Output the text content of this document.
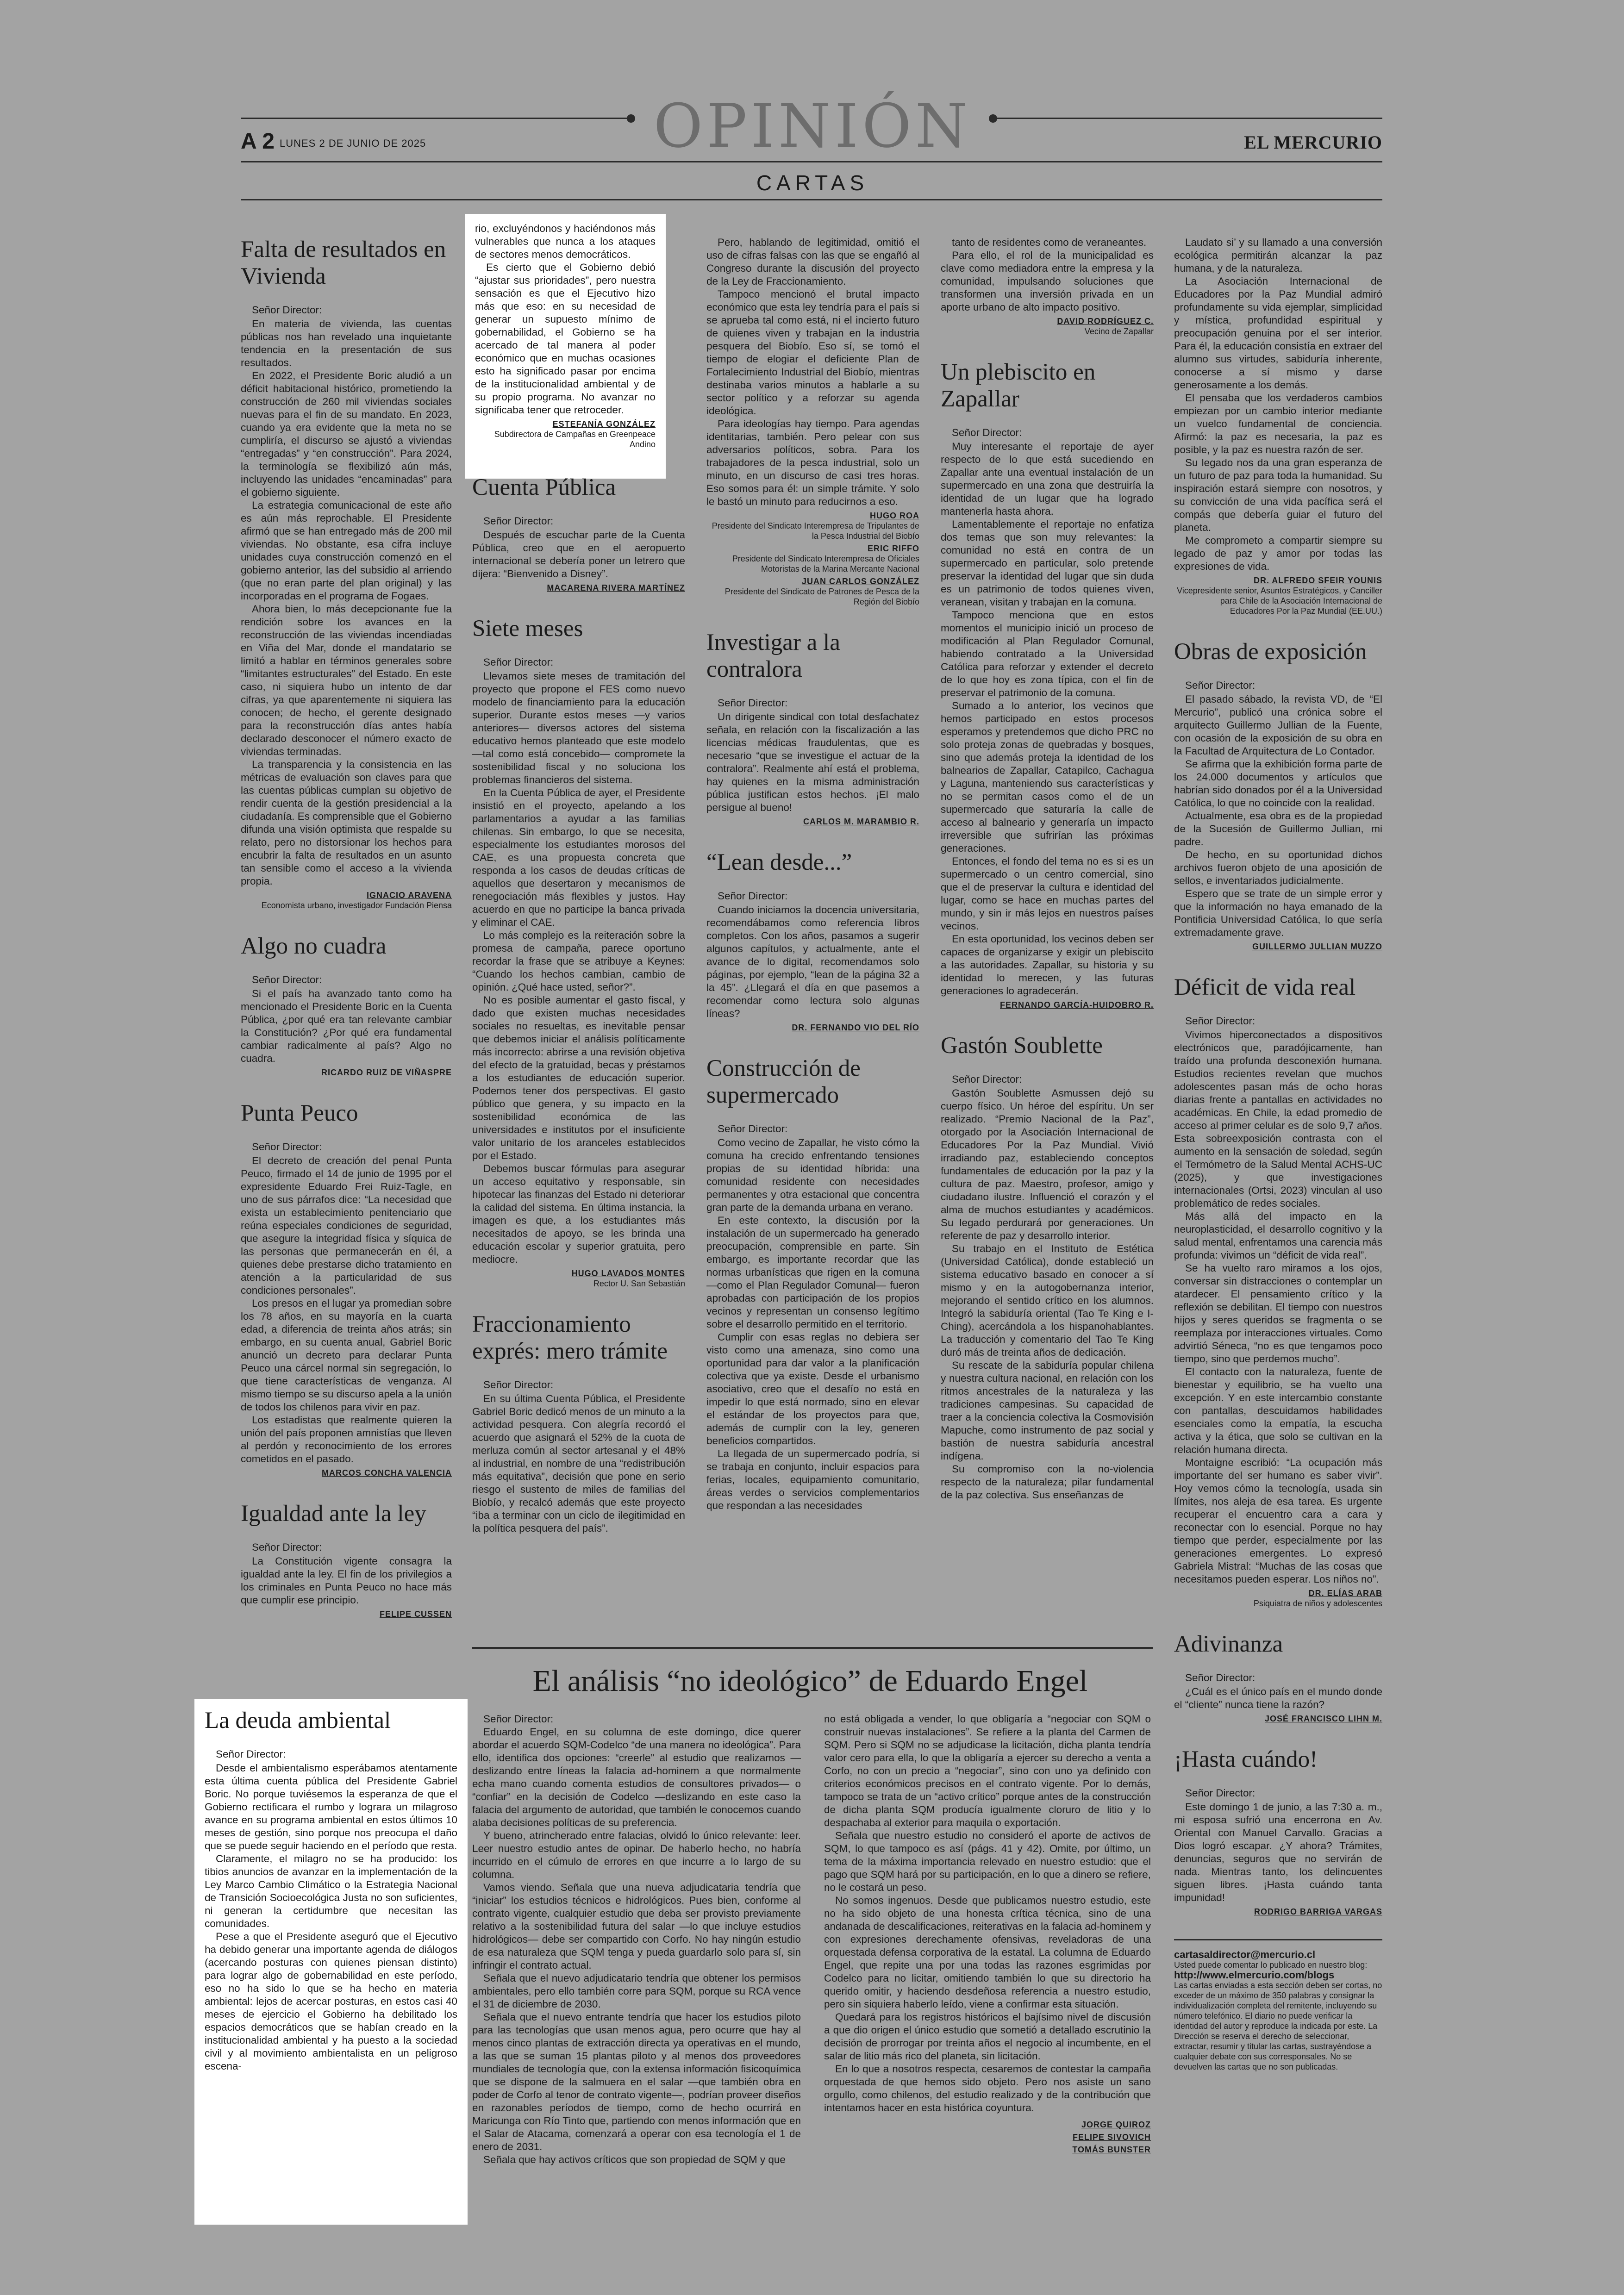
OPINIÓN
A 2 LUNES 2 DE JUNIO DE 2025	EL MERCURIO
CARTAS
Falta de resultados en Vivienda

Señor Director:

En materia de vivienda, las cuentas públicas nos han revelado una inquietante tendencia en la presentación de sus resultados.

En 2022, el Presidente Boric aludió a un déficit habitacional histórico, prometiendo la construcción de 260 mil viviendas sociales nuevas para el fin de su mandato. En 2023, cuando ya era evidente que la meta no se cumpliría, el discurso se ajustó a viviendas “entregadas” y “en construcción”. Para 2024, la terminología se flexibilizó aún más, incluyendo las unidades “encaminadas” para el gobierno siguiente.

La estrategia comunicacional de este año es aún más reprochable. El Presidente afirmó que se han entregado más de 200 mil viviendas. No obstante, esa cifra incluye unidades cuya construcción comenzó en el gobierno anterior, las del subsidio al arriendo (que no eran parte del plan original) y las incorporadas en el programa de Fogaes.

Ahora bien, lo más decepcionante fue la rendición sobre los avances en la reconstrucción de las viviendas incendiadas en Viña del Mar, donde el mandatario se limitó a hablar en términos generales sobre “limitantes estructurales” del Estado. En este caso, ni siquiera hubo un intento de dar cifras, ya que aparentemente ni siquiera las conocen; de hecho, el gerente designado para la reconstrucción días antes había declarado desconocer el número exacto de viviendas terminadas.

La transparencia y la consistencia en las métricas de evaluación son claves para que las cuentas públicas cumplan su objetivo de rendir cuenta de la gestión presidencial a la ciudadanía. Es comprensible que el Gobierno difunda una visión optimista que respalde su relato, pero no distorsionar los hechos para encubrir la falta de resultados en un asunto tan sensible como el acceso a la vivienda propia.

IGNACIO ARAVENA
Economista urbano, investigador Fundación Piensa
Algo no cuadra

Señor Director:

Si el país ha avanzado tanto como ha mencionado el Presidente Boric en la Cuenta Pública, ¿por qué era tan relevante cambiar la Constitución? ¿Por qué era fundamental cambiar radicalmente al país? Algo no cuadra.

RICARDO RUIZ DE VIÑASPRE
Punta Peuco

Señor Director:

El decreto de creación del penal Punta Peuco, firmado el 14 de junio de 1995 por el expresidente Eduardo Frei Ruiz-Tagle, en uno de sus párrafos dice: “La necesidad que exista un establecimiento penitenciario que reúna especiales condiciones de seguridad, que asegure la integridad física y síquica de las personas que permanecerán en él, a quienes debe prestarse dicho tratamiento en atención a la particularidad de sus condiciones personales”.

Los presos en el lugar ya promedian sobre los 78 años, en su mayoría en la cuarta edad, a diferencia de treinta años atrás; sin embargo, en su cuenta anual, Gabriel Boric anunció un decreto para declarar Punta Peuco una cárcel normal sin segregación, lo que tiene características de venganza. Al mismo tiempo se su discurso apela a la unión de todos los chilenos para vivir en paz.

Los estadistas que realmente quieren la unión del país proponen amnistías que lleven al perdón y reconocimiento de los errores cometidos en el pasado.

MARCOS CONCHA VALENCIA
Igualdad ante la ley

Señor Director:

La Constitución vigente consagra la igualdad ante la ley. El fin de los privilegios a los criminales en Punta Peuco no hace más que cumplir ese principio.

FELIPE CUSSEN
La deuda ambiental

Señor Director:

Desde el ambientalismo esperábamos atentamente esta última cuenta pública del Presidente Gabriel Boric. No porque tuviésemos la esperanza de que el Gobierno rectificara el rumbo y lograra un milagroso avance en su programa ambiental en estos últimos 10 meses de gestión, sino porque nos preocupa el daño que se puede seguir haciendo en el período que resta.

Claramente, el milagro no se ha producido: los tibios anuncios de avanzar en la implementación de la Ley Marco Cambio Climático o la Estrategia Nacional de Transición Socioecológica Justa no son suficientes, ni generan la certidumbre que necesitan las comunidades.

Pese a que el Presidente aseguró que el Ejecutivo ha debido generar una importante agenda de diálogos (acercando posturas con quienes piensan distinto) para lograr algo de gobernabilidad en este período, eso no ha sido lo que se ha hecho en materia ambiental: lejos de acercar posturas, en estos casi 40 meses de ejercicio el Gobierno ha debilitado los espacios democráticos que se habían creado en la institucionalidad ambiental y ha puesto a la sociedad civil y al movimiento ambientalista en un peligroso escena-

rio, excluyéndonos y haciéndonos más vulnerables que nunca a los ataques de sectores menos democráticos.

Es cierto que el Gobierno debió “ajustar sus prioridades”, pero nuestra sensación es que el Ejecutivo hizo más que eso: en su necesidad de generar un supuesto mínimo de gobernabilidad, el Gobierno se ha acercado de tal manera al poder económico que en muchas ocasiones esto ha significado pasar por encima de la institucionalidad ambiental y de su propio programa. No avanzar no significaba tener que retroceder.

ESTEFANÍA GONZÁLEZ
Subdirectora de Campañas en Greenpeace Andino
Cuenta Pública

Señor Director:

Después de escuchar parte de la Cuenta Pública, creo que en el aeropuerto internacional se debería poner un letrero que dijera: “Bienvenido a Disney”.

MACARENA RIVERA MARTÍNEZ
Siete meses

Señor Director:

Llevamos siete meses de tramitación del proyecto que propone el FES como nuevo modelo de financiamiento para la educación superior. Durante estos meses —y varios anteriores— diversos actores del sistema educativo hemos planteado que este modelo —tal como está concebido— compromete la sostenibilidad fiscal y no soluciona los problemas financieros del sistema.

En la Cuenta Pública de ayer, el Presidente insistió en el proyecto, apelando a los parlamentarios a ayudar a las familias chilenas. Sin embargo, lo que se necesita, especialmente los estudiantes morosos del CAE, es una propuesta concreta que responda a los casos de deudas críticas de aquellos que desertaron y mecanismos de renegociación más flexibles y justos. Hay acuerdo en que no participe la banca privada y eliminar el CAE.

Lo más complejo es la reiteración sobre la promesa de campaña, parece oportuno recordar la frase que se atribuye a Keynes: “Cuando los hechos cambian, cambio de opinión. ¿Qué hace usted, señor?”.

No es posible aumentar el gasto fiscal, y dado que existen muchas necesidades sociales no resueltas, es inevitable pensar que debemos iniciar el análisis políticamente más incorrecto: abrirse a una revisión objetiva del efecto de la gratuidad, becas y préstamos a los estudiantes de educación superior. Podemos tener dos perspectivas. El gasto público que genera, y su impacto en la sostenibilidad económica de las universidades e institutos por el insuficiente valor unitario de los aranceles establecidos por el Estado.

Debemos buscar fórmulas para asegurar un acceso equitativo y responsable, sin hipotecar las finanzas del Estado ni deteriorar la calidad del sistema. En última instancia, la imagen es que, a los estudiantes más necesitados de apoyo, se les brinda una educación escolar y superior gratuita, pero mediocre.

HUGO LAVADOS MONTES
Rector U. San Sebastián
Fraccionamiento exprés: mero trámite

Señor Director:

En su última Cuenta Pública, el Presidente Gabriel Boric dedicó menos de un minuto a la actividad pesquera. Con alegría recordó el acuerdo que asignará el 52% de la cuota de merluza común al sector artesanal y el 48% al industrial, en nombre de una “redistribución más equitativa”, decisión que pone en serio riesgo el sustento de miles de familias del Biobío, y recalcó además que este proyecto “iba a terminar con un ciclo de ilegitimidad en la política pesquera del país”.

Pero, hablando de legitimidad, omitió el uso de cifras falsas con las que se engañó al Congreso durante la discusión del proyecto de la Ley de Fraccionamiento.

Tampoco mencionó el brutal impacto económico que esta ley tendría para el país si se aprueba tal como está, ni el incierto futuro de quienes viven y trabajan en la industria pesquera del Biobío. Eso sí, se tomó el tiempo de elogiar el deficiente Plan de Fortalecimiento Industrial del Biobío, mientras destinaba varios minutos a hablarle a su sector político y a reforzar su agenda ideológica.

Para ideologías hay tiempo. Para agendas identitarias, también. Pero pelear con sus adversarios políticos, sobra. Para los trabajadores de la pesca industrial, solo un minuto, en un discurso de casi tres horas. Eso somos para él: un simple trámite. Y solo le bastó un minuto para reducirnos a eso.

HUGO ROA
Presidente del Sindicato Interempresa de Tripulantes de la Pesca Industrial del Biobío
ERIC RIFFO
Presidente del Sindicato Interempresa de Oficiales Motoristas de la Marina Mercante Nacional
JUAN CARLOS GONZÁLEZ
Presidente del Sindicato de Patrones de Pesca de la Región del Biobío
Investigar a la contralora

Señor Director:

Un dirigente sindical con total desfachatez señala, en relación con la fiscalización a las licencias médicas fraudulentas, que es necesario “que se investigue el actuar de la contralora”. Realmente ahí está el problema, hay quienes en la misma administración pública justifican estos hechos. ¡El malo persigue al bueno!

CARLOS M. MARAMBIO R.
“Lean desde...”

Señor Director:

Cuando iniciamos la docencia universitaria, recomendábamos como referencia libros completos. Con los años, pasamos a sugerir algunos capítulos, y actualmente, ante el avance de lo digital, recomendamos solo páginas, por ejemplo, “lean de la página 32 a la 45”. ¿Llegará el día en que pasemos a recomendar como lectura solo algunas líneas?

DR. FERNANDO VIO DEL RÍO
Construcción de supermercado

Señor Director:

Como vecino de Zapallar, he visto cómo la comuna ha crecido enfrentando tensiones propias de su identidad híbrida: una comunidad residente con necesidades permanentes y otra estacional que concentra gran parte de la demanda urbana en verano.

En este contexto, la discusión por la instalación de un supermercado ha generado preocupación, comprensible en parte. Sin embargo, es importante recordar que las normas urbanísticas que rigen en la comuna —como el Plan Regulador Comunal— fueron aprobadas con participación de los propios vecinos y representan un consenso legítimo sobre el desarrollo permitido en el territorio.

Cumplir con esas reglas no debiera ser visto como una amenaza, sino como una oportunidad para dar valor a la planificación colectiva que ya existe. Desde el urbanismo asociativo, creo que el desafío no está en impedir lo que está normado, sino en elevar el estándar de los proyectos para que, además de cumplir con la ley, generen beneficios compartidos.

La llegada de un supermercado podría, si se trabaja en conjunto, incluir espacios para ferias, locales, equipamiento comunitario, áreas verdes o servicios complementarios que respondan a las necesidades

tanto de residentes como de veraneantes.

Para ello, el rol de la municipalidad es clave como mediadora entre la empresa y la comunidad, impulsando soluciones que transformen una inversión privada en un aporte urbano de alto impacto positivo.

DAVID RODRÍGUEZ C.
Vecino de Zapallar
Un plebiscito en Zapallar

Señor Director:

Muy interesante el reportaje de ayer respecto de lo que está sucediendo en Zapallar ante una eventual instalación de un supermercado en una zona que destruiría la identidad de un lugar que ha logrado mantenerla hasta ahora.

Lamentablemente el reportaje no enfatiza dos temas que son muy relevantes: la comunidad no está en contra de un supermercado en particular, solo pretende preservar la identidad del lugar que sin duda es un patrimonio de todos quienes viven, veranean, visitan y trabajan en la comuna.

Tampoco menciona que en estos momentos el municipio inició un proceso de modificación al Plan Regulador Comunal, habiendo contratado a la Universidad Católica para reforzar y extender el decreto de lo que hoy es zona típica, con el fin de preservar el patrimonio de la comuna.

Sumado a lo anterior, los vecinos que hemos participado en estos procesos esperamos y pretendemos que dicho PRC no solo proteja zonas de quebradas y bosques, sino que además proteja la identidad de los balnearios de Zapallar, Catapilco, Cachagua y Laguna, manteniendo sus características y no se permitan casos como el de un supermercado que saturaría la calle de acceso al balneario y generaría un impacto irreversible que sufrirían las próximas generaciones.

Entonces, el fondo del tema no es si es un supermercado o un centro comercial, sino que el de preservar la cultura e identidad del lugar, como se hace en muchas partes del mundo, y sin ir más lejos en nuestros países vecinos.

En esta oportunidad, los vecinos deben ser capaces de organizarse y exigir un plebiscito a las autoridades. Zapallar, su historia y su identidad lo merecen, y las futuras generaciones lo agradecerán.

FERNANDO GARCÍA-HUIDOBRO R.
Gastón Soublette

Señor Director:

Gastón Soublette Asmussen dejó su cuerpo físico. Un héroe del espíritu. Un ser realizado. “Premio Nacional de la Paz”, otorgado por la Asociación Internacional de Educadores Por la Paz Mundial. Vivió irradiando paz, estableciendo conceptos fundamentales de educación por la paz y la cultura de paz. Maestro, profesor, amigo y ciudadano ilustre. Influenció el corazón y el alma de muchos estudiantes y académicos. Su legado perdurará por generaciones. Un referente de paz y desarrollo interior.

Su trabajo en el Instituto de Estética (Universidad Católica), donde estableció un sistema educativo basado en conocer a sí mismo y en la autogobernanza interior, mejorando el sentido crítico en los alumnos. Integró la sabiduría oriental (Tao Te King e I-Ching), acercándola a los hispanohablantes. La traducción y comentario del Tao Te King duró más de treinta años de dedicación.

Su rescate de la sabiduría popular chilena y nuestra cultura nacional, en relación con los ritmos ancestrales de la naturaleza y las tradiciones campesinas. Su capacidad de traer a la conciencia colectiva la Cosmovisión Mapuche, como instrumento de paz social y bastión de nuestra sabiduría ancestral indígena.

Su compromiso con la no-violencia respecto de la naturaleza; pilar fundamental de la paz colectiva. Sus enseñanzas de

Laudato si’ y su llamado a una conversión ecológica permitirán alcanzar la paz humana, y de la naturaleza.

La Asociación Internacional de Educadores por la Paz Mundial admiró profundamente su vida ejemplar, simplicidad y mística, profundidad espiritual y preocupación genuina por el ser interior. Para él, la educación consistía en extraer del alumno sus virtudes, sabiduría inherente, conocerse a sí mismo y darse generosamente a los demás.

El pensaba que los verdaderos cambios empiezan por un cambio interior mediante un vuelco fundamental de conciencia. Afirmó: la paz es necesaria, la paz es posible, y la paz es nuestra razón de ser.

Su legado nos da una gran esperanza de un futuro de paz para toda la humanidad. Su inspiración estará siempre con nosotros, y su convicción de una vida pacífica será el compás que debería guiar el futuro del planeta.

Me comprometo a compartir siempre su legado de paz y amor por todas las expresiones de vida.

DR. ALFREDO SFEIR YOUNIS
Vicepresidente senior, Asuntos Estratégicos, y Canciller para Chile de la Asociación Internacional de Educadores Por la Paz Mundial (EE.UU.)
Obras de exposición

Señor Director:

El pasado sábado, la revista VD, de “El Mercurio”, publicó una crónica sobre el arquitecto Guillermo Jullian de la Fuente, con ocasión de la exposición de su obra en la Facultad de Arquitectura de Lo Contador.

Se afirma que la exhibición forma parte de los 24.000 documentos y artículos que habrían sido donados por él a la Universidad Católica, lo que no coincide con la realidad.

Actualmente, esa obra es de la propiedad de la Sucesión de Guillermo Jullian, mi padre.

De hecho, en su oportunidad dichos archivos fueron objeto de una aposición de sellos, e inventariados judicialmente.

Espero que se trate de un simple error y que la información no haya emanado de la Pontificia Universidad Católica, lo que sería extremadamente grave.

GUILLERMO JULLIAN MUZZO
Déficit de vida real

Señor Director:

Vivimos hiperconectados a dispositivos electrónicos que, paradójicamente, han traído una profunda desconexión humana. Estudios recientes revelan que muchos adolescentes pasan más de ocho horas diarias frente a pantallas en actividades no académicas. En Chile, la edad promedio de acceso al primer celular es de solo 9,7 años. Esta sobreexposición contrasta con el aumento en la sensación de soledad, según el Termómetro de la Salud Mental ACHS-UC (2025), y que investigaciones internacionales (Ortsi, 2023) vinculan al uso problemático de redes sociales.

Más allá del impacto en la neuroplasticidad, el desarrollo cognitivo y la salud mental, enfrentamos una carencia más profunda: vivimos un “déficit de vida real”.

Se ha vuelto raro miramos a los ojos, conversar sin distracciones o contemplar un atardecer. El pensamiento crítico y la reflexión se debilitan. El tiempo con nuestros hijos y seres queridos se fragmenta o se reemplaza por interacciones virtuales. Como advirtió Séneca, “no es que tengamos poco tiempo, sino que perdemos mucho”.

El contacto con la naturaleza, fuente de bienestar y equilibrio, se ha vuelto una excepción. Y en este intercambio constante con pantallas, descuidamos habilidades esenciales como la empatía, la escucha activa y la ética, que solo se cultivan en la relación humana directa.

Montaigne escribió: “La ocupación más importante del ser humano es saber vivir”. Hoy vemos cómo la tecnología, usada sin límites, nos aleja de esa tarea. Es urgente recuperar el encuentro cara a cara y reconectar con lo esencial. Porque no hay tiempo que perder, especialmente por las generaciones emergentes. Lo expresó Gabriela Mistral: “Muchas de las cosas que necesitamos pueden esperar. Los niños no”.

DR. ELÍAS ARAB
Psiquiatra de niños y adolescentes
Adivinanza

Señor Director:

¿Cuál es el único país en el mundo donde el “cliente” nunca tiene la razón?

JOSÉ FRANCISCO LIHN M.
¡Hasta cuándo!

Señor Director:

Este domingo 1 de junio, a las 7:30 a. m., mi esposa sufrió una encerrona en Av. Oriental con Manuel Carvallo. Gracias a Dios logró escapar. ¿Y ahora? Trámites, denuncias, seguros que no servirán de nada. Mientras tanto, los delincuentes siguen libres. ¡Hasta cuándo tanta impunidad!

RODRIGO BARRIGA VARGAS

cartasaldirector@mercurio.cl

Usted puede comentar lo publicado en nuestro blog:

http://www.elmercurio.com/blogs

Las cartas enviadas a esta sección deben ser cortas, no exceder de un máximo de 350 palabras y consignar la individualización completa del remitente, incluyendo su número telefónico. El diario no puede verificar la identidad del autor y reproduce la indicada por este. La Dirección se reserva el derecho de seleccionar, extractar, resumir y titular las cartas, sustrayéndose a cualquier debate con sus corresponsales. No se devuelven las cartas que no son publicadas.

El análisis “no ideológico” de Eduardo Engel

Señor Director:

Eduardo Engel, en su columna de este domingo, dice querer abordar el acuerdo SQM-Codelco “de una manera no ideológica”. Para ello, identifica dos opciones: “creerle” al estudio que realizamos —deslizando entre líneas la falacia ad-hominem a que normalmente echa mano cuando comenta estudios de consultores privados— o “confiar” en la decisión de Codelco —deslizando en este caso la falacia del argumento de autoridad, que también le conocemos cuando alaba decisiones políticas de su preferencia.

Y bueno, atrincherado entre falacias, olvidó lo único relevante: leer. Leer nuestro estudio antes de opinar. De haberlo hecho, no habría incurrido en el cúmulo de errores en que incurre a lo largo de su columna.

Vamos viendo. Señala que una nueva adjudicataria tendría que “iniciar” los estudios técnicos e hidrológicos. Pues bien, conforme al contrato vigente, cualquier estudio que deba ser provisto previamente relativo a la sostenibilidad futura del salar —lo que incluye estudios hidrológicos— debe ser compartido con Corfo. No hay ningún estudio de esa naturaleza que SQM tenga y pueda guardarlo solo para sí, sin infringir el contrato actual.

Señala que el nuevo adjudicatario tendría que obtener los permisos ambientales, pero ello también corre para SQM, porque su RCA vence el 31 de diciembre de 2030.

Señala que el nuevo entrante tendría que hacer los estudios piloto para las tecnologías que usan menos agua, pero ocurre que hay al menos cinco plantas de extracción directa ya operativas en el mundo, a las que se suman 15 plantas piloto y al menos dos proveedores mundiales de tecnología que, con la extensa información fisicoquímica que se dispone de la salmuera en el salar —que también obra en poder de Corfo al tenor de contrato vigente—, podrían proveer diseños en razonables períodos de tiempo, como de hecho ocurrirá en Maricunga con Río Tinto que, partiendo con menos información que en el Salar de Atacama, comenzará a operar con esa tecnología el 1 de enero de 2031.

Señala que hay activos críticos que son propiedad de SQM y que

no está obligada a vender, lo que obligaría a “negociar con SQM o construir nuevas instalaciones”. Se refiere a la planta del Carmen de SQM. Pero si SQM no se adjudicase la licitación, dicha planta tendría valor cero para ella, lo que la obligaría a ejercer su derecho a venta a Corfo, no con un precio a “negociar”, sino con uno ya definido con criterios económicos precisos en el contrato vigente. Por lo demás, tampoco se trata de un “activo crítico” porque antes de la construcción de dicha planta SQM producía igualmente cloruro de litio y lo despachaba al exterior para maquila o exportación.

Señala que nuestro estudio no consideró el aporte de activos de SQM, lo que tampoco es así (págs. 41 y 42). Omite, por último, un tema de la máxima importancia relevado en nuestro estudio: que el pago que SQM hará por su participación, en lo que a dinero se refiere, no le costará un peso.

No somos ingenuos. Desde que publicamos nuestro estudio, este no ha sido objeto de una honesta crítica técnica, sino de una andanada de descalificaciones, reiterativas en la falacia ad-hominem y con expresiones derechamente ofensivas, reveladoras de una orquestada defensa corporativa de la estatal. La columna de Eduardo Engel, que repite una por una todas las razones esgrimidas por Codelco para no licitar, omitiendo también lo que su directorio ha querido omitir, y haciendo desdeñosa referencia a nuestro estudio, pero sin siquiera haberlo leído, viene a confirmar esta situación.

Quedará para los registros históricos el bajísimo nivel de discusión a que dio origen el único estudio que sometió a detallado escrutinio la decisión de prorrogar por treinta años el negocio al incumbente, en el salar de litio más rico del planeta, sin licitación.

En lo que a nosotros respecta, cesaremos de contestar la campaña orquestada de que hemos sido objeto. Pero nos asiste un sano orgullo, como chilenos, del estudio realizado y de la contribución que intentamos hacer en esta histórica coyuntura.

JORGE QUIROZ
FELIPE SIVOVICH
TOMÁS BUNSTER
